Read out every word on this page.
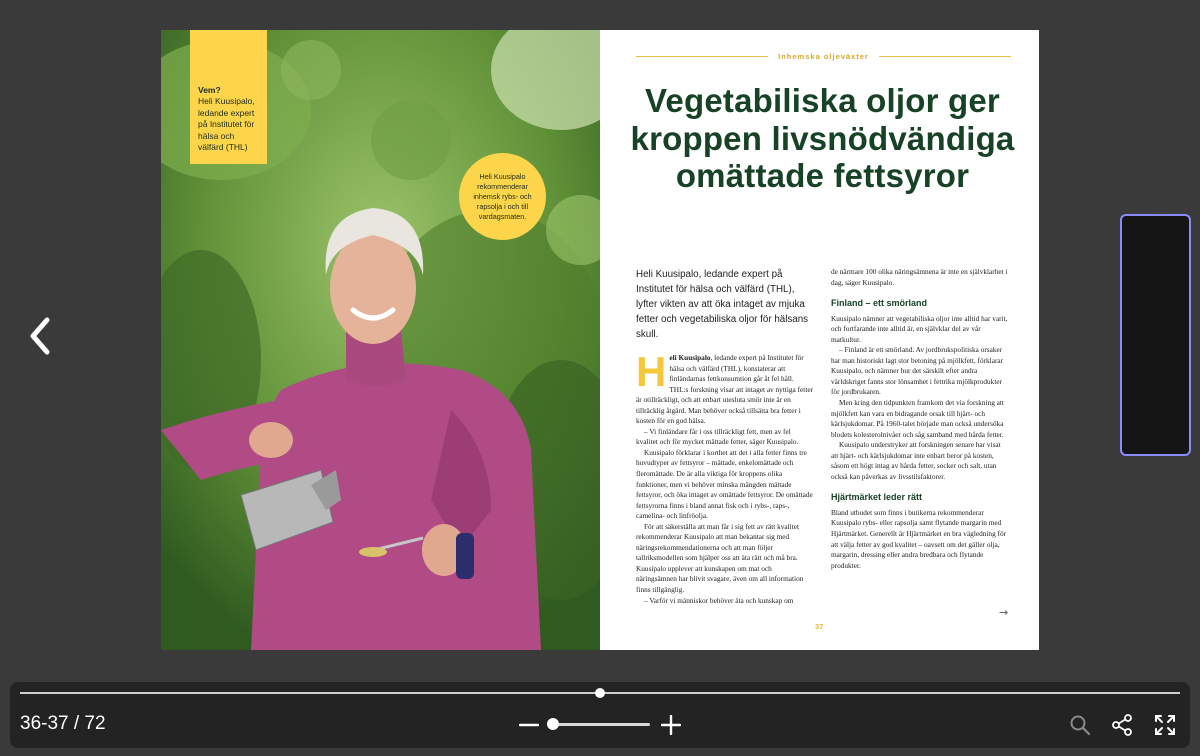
Vem?
Heli Kuusipalo, ledande expert på Institutet för hälsa och välfärd (THL)
Heli Kuusipalo rekommenderar inhemsk rybs- och rapsolja i och till vardagsmaten.
Inhemska oljeväxter
Vegetabiliska oljor ger kroppen livsnödvändiga omättade fettsyror
Heli Kuusipalo, ledande expert på Institutet för hälsa och välfärd (THL), lyfter vikten av att öka intaget av mjuka fetter och vegetabiliska oljor för hälsans skull.
H eli Kuusipalo, ledande expert på Institutet för hälsa och välfärd (THL), konstaterar att finländarnas fettkonsumtion går åt fel håll. THL:s forskning visar att intaget av nyttiga fetter är otillräckligt, och att enbart utesluta smör inte är en tillräcklig åtgärd. Man behöver också tillsätta bra fetter i kosten för en god hälsa.

– Vi finländare får i oss tillräckligt fett, men av fel kvalitet och för mycket mättade fetter, säger Kuusipalo.

Kuusipalo förklarar i korthet att det i alla fetter finns tre huvudtyper av fettsyror – mättade, enkelomättade och fleromättade. De är alla viktiga för kroppens olika funktioner, men vi behöver minska mängden mättade fettsyror, och öka intaget av omättade fettsyror. De omättade fettsyrorna finns i bland annat fisk och i rybs-, raps-, camelina- och linfröolja.

För att säkerställa att man får i sig fett av rätt kvalitet rekommenderar Kuusipalo att man bekantar sig med näringsrekommendationerna och att man följer tallriksmodellen som hjälper oss att äta rätt och må bra. Kuusipalo upplever att kunskapen om mat och näringsämnen har blivit svagare, även om all information finns tillgänglig.

– Varför vi människor behöver äta och kunskap om

de närmare 100 olika näringsämnena är inte en självklarhet i dag, säger Kuusipalo.

Finland – ett smörland

Kuusipalo nämner att vegetabiliska oljor inte alltid har varit, och fortfarande inte alltid är, en självklar del av vår matkultur.

– Finland är ett smörland. Av jordbrukspolitiska orsaker har man historiskt lagt stor betoning på mjölkfett, förklarar Kuusipalo, och nämner hur det särskilt efter andra världskriget fanns stor lönsamhet i fettrika mjölkprodukter för jordbrukaren.

Men kring den tidpunkten framkom det via forskning att mjölkfett kan vara en bidragande orsak till hjärt- och kärlsjukdomar. På 1960-talet började man också undersöka blodets kolesterolnivåer och såg samband med hårda fetter.

Kuusipalo understryker att forskningen senare har visat att hjärt- och kärlsjukdomar inte enbart beror på kosten, såsom ett högt intag av hårda fetter, socker och salt, utan också kan påverkas av livsstilsfaktorer.

Hjärtmärket leder rätt

Bland utbudet som finns i butikerna rekommenderar Kuusipalo rybs- eller rapsolja samt flytande margarin med Hjärtmärket. Generellt är Hjärtmärket en bra vägledning för att välja fetter av god kvalitet – oavsett om det gäller olja, margarin, dressing eller andra bredbara och flytande produkter.

→
37
36-37 / 72
